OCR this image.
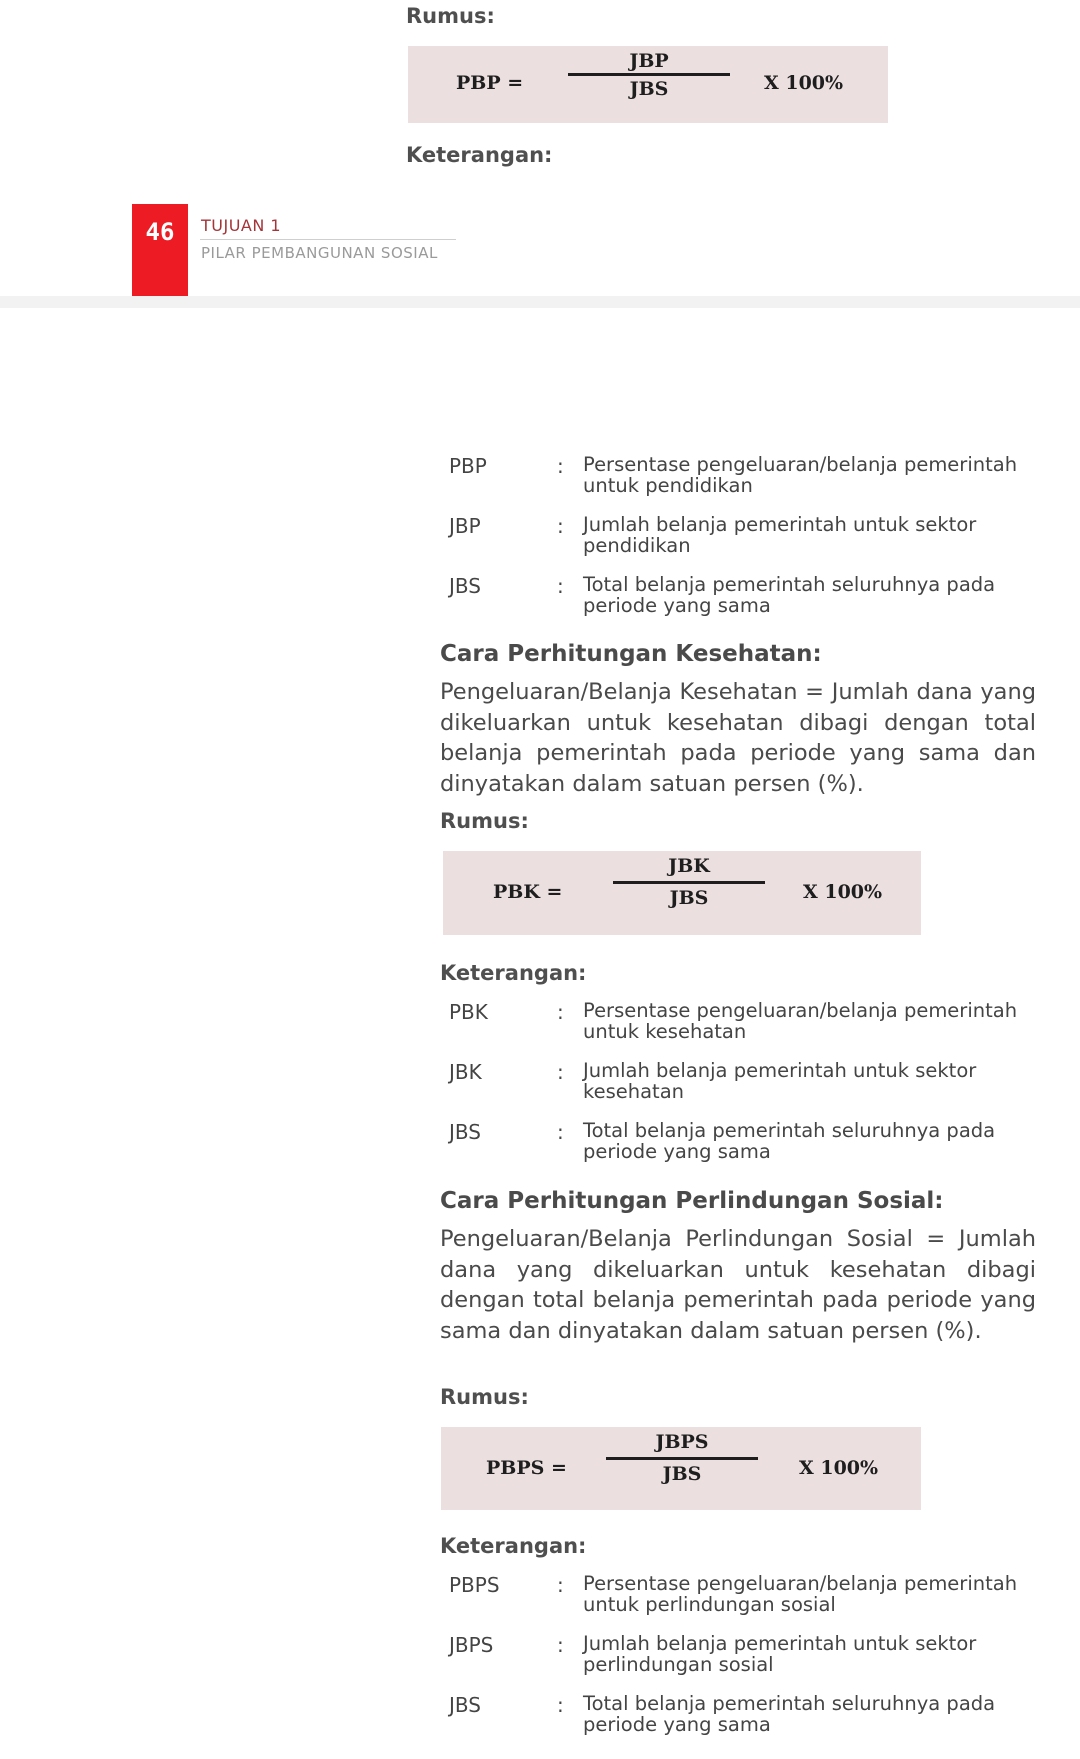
Rumus:
PBP =
JBP
JBS	X 100%
Keterangan:
46	TUJUAN 1
PILAR PEMBANGUNAN SOSIAL
PBP	: Persentase pengeluaran/belanja pemerintah untuk pendidikan
JBP	: Jumlah belanja pemerintah untuk sektor pendidikan
JBS	: Total belanja pemerintah seluruhnya pada periode yang sama
Cara Perhitungan Kesehatan:
Pengeluaran/Belanja Kesehatan = Jumlah dana yang dikeluarkan untuk kesehatan dibagi dengan total belanja pemerintah pada periode yang sama dan dinyatakan dalam satuan persen (%).
Rumus:
PBK =
JBK
JBS	X 100%
Keterangan:
PBK	: Persentase pengeluaran/belanja pemerintah untuk kesehatan
JBK	: Jumlah belanja pemerintah untuk sektor kesehatan
JBS	: Total belanja pemerintah seluruhnya pada periode yang sama
Cara Perhitungan Perlindungan Sosial:
Pengeluaran/Belanja Perlindungan Sosial = Jumlah dana yang dikeluarkan untuk kesehatan dibagi dengan total belanja pemerintah pada periode yang sama dan dinyatakan dalam satuan persen (%).
Rumus:
PBPS =
JBPS
JBS	X 100%
Keterangan:
PBPS	: Persentase pengeluaran/belanja pemerintah untuk perlindungan sosial
JBPS	: Jumlah belanja pemerintah untuk sektor perlindungan sosial
JBS	: Total belanja pemerintah seluruhnya pada periode yang sama
